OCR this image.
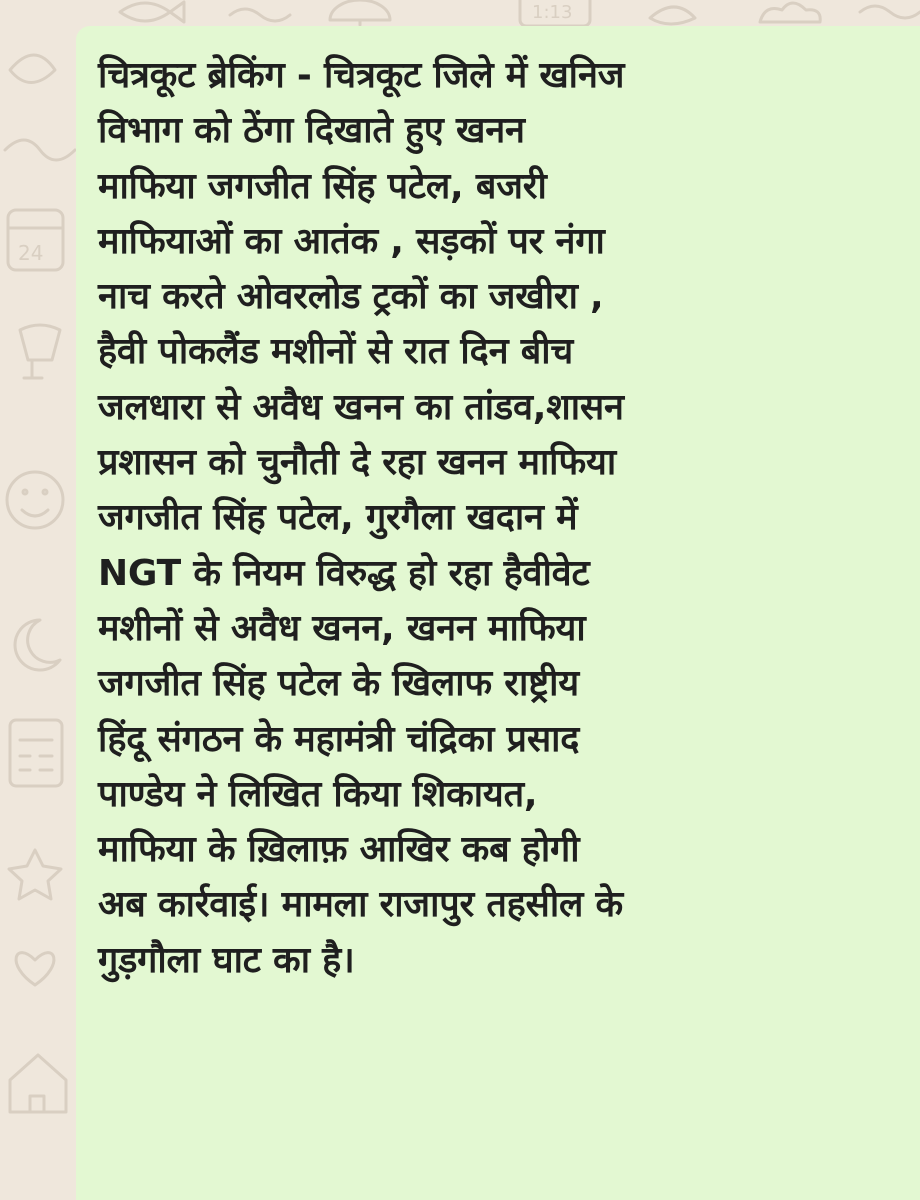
24
1:13

चित्रकूट ब्रेकिंग - चित्रकूट जिले में खनिज
विभाग को ठेंगा दिखाते हुए खनन
माफिया जगजीत सिंह पटेल, बजरी
माफियाओं का आतंक , सड़कों पर नंगा
नाच करते ओवरलोड ट्रकों का जखीरा ,
हैवी पोकलैंड मशीनों से रात दिन बीच
जलधारा से अवैध खनन का तांडव,शासन
प्रशासन को चुनौती दे रहा खनन माफिया
जगजीत सिंह पटेल, गुरगैला खदान में
NGT के नियम विरुद्ध हो रहा हैवीवेट
मशीनों से अवैध खनन, खनन माफिया
जगजीत सिंह पटेल के खिलाफ राष्ट्रीय
हिंदू संगठन के महामंत्री चंद्रिका प्रसाद
पाण्डेय ने लिखित किया शिकायत,
माफिया के ख़िलाफ़ आखिर कब होगी
अब कार्रवाई। मामला राजापुर तहसील के
गुड़गौला घाट का है।
